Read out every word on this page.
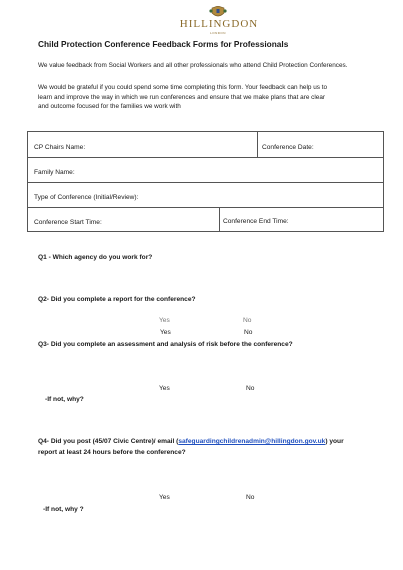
HILLINGDON
LONDON
Child Protection Conference Feedback Forms for Professionals
We value feedback from Social Workers and all other professionals who attend Child Protection Conferences.
We would be grateful if you could spend some time completing this form. Your feedback can help us to
learn and improve the way in which we run conferences and ensure that we make plans that are clear
and outcome focused for the families we work with
CP Chairs Name:	Conference Date:
Family Name:
Type of Conference (Initial/Review):
Conference Start Time:	Conference End Time:
Q1 - Which agency do you work for?
Q2- Did you complete a report for the conference?
Yes	No
Yes	No
Q3- Did you complete an assessment and analysis of risk before the conference?
Yes	No
-If not, why?
Q4- Did you post (45/07 Civic Centre)/ email (safeguardingchildrenadmin@hillingdon.gov.uk) your
report at least 24 hours before the conference?
Yes	No
-If not, why ?
